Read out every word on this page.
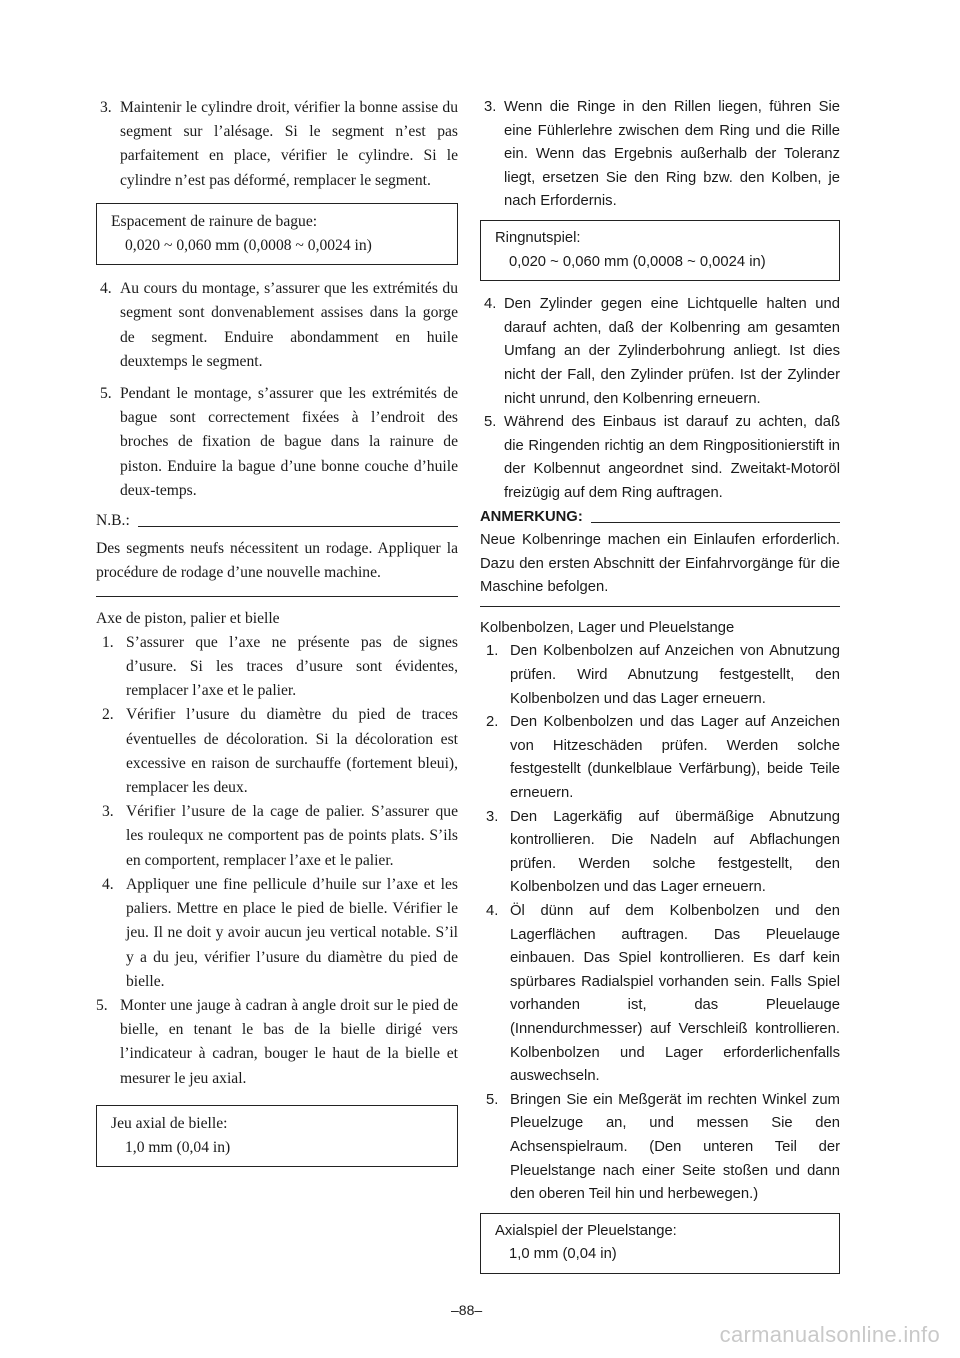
3. Maintenir le cylindre droit, vérifier la bonne assise du segment sur l’alésage. Si le segment n’est pas parfaitement en place, vérifier le cylindre. Si le cylindre n’est pas déformé, remplacer le segment.

Espacement de rainure de bague:
0,020 ~ 0,060 mm (0,0008 ~ 0,0024 in)

4. Au cours du montage, s’assurer que les extrémités du segment sont donvenablement assises dans la gorge de segment. Enduire abondamment en huile deuxtemps le segment.

5. Pendant le montage, s’assurer que les extrémités de bague sont correctement fixées à l’endroit des broches de fixation de bague dans la rainure de piston. Enduire la bague d’une bonne couche d’huile deux-temps.

N.B.:

Des segments neufs nécessitent un rodage. Appliquer la procédure de rodage d’une nouvelle machine.

Axe de piston, palier et bielle

1. S’assurer que l’axe ne présente pas de signes d’usure. Si les traces d’usure sont évidentes, remplacer l’axe et le palier.

2. Vérifier l’usure du diamètre du pied de traces éventuelles de décoloration. Si la décoloration est excessive en raison de surchauffe (fortement bleui), remplacer les deux.

3. Vérifier l’usure de la cage de palier. S’assurer que les roulequx ne comportent pas de points plats. S’ils en comportent, remplacer l’axe et le palier.

4. Appliquer une fine pellicule d’huile sur l’axe et les paliers. Mettre en place le pied de bielle. Vérifier le jeu. Il ne doit y avoir aucun jeu vertical notable. S’il y a du jeu, vérifier l’usure du diamètre du pied de bielle.

5. Monter une jauge à cadran à angle droit sur le pied de bielle, en tenant le bas de la bielle dirigé vers l’indicateur à cadran, bouger le haut de la bielle et mesurer le jeu axial.

Jeu axial de bielle:
1,0 mm (0,04 in)

3. Wenn die Ringe in den Rillen liegen, führen Sie eine Fühlerlehre zwischen dem Ring und die Rille ein. Wenn das Ergebnis außerhalb der Toleranz liegt, ersetzen Sie den Ring bzw. den Kolben, je nach Erfordernis.

Ringnutspiel:
0,020 ~ 0,060 mm (0,0008 ~ 0,0024 in)

4. Den Zylinder gegen eine Lichtquelle halten und darauf achten, daß der Kolbenring am gesamten Umfang an der Zylinderbohrung anliegt. Ist dies nicht der Fall, den Zylinder prüfen. Ist der Zylinder nicht unrund, den Kolbenring erneuern.

5. Während des Einbaus ist darauf zu achten, daß die Ringenden richtig an dem Ringpositionierstift in der Kolbennut angeordnet sind. Zweitakt-Motoröl freizügig auf dem Ring auftragen.

ANMERKUNG:

Neue Kolbenringe machen ein Einlaufen erforderlich. Dazu den ersten Abschnitt der Einfahrvorgänge für die Maschine befolgen.

Kolbenbolzen, Lager und Pleuelstange

1. Den Kolbenbolzen auf Anzeichen von Abnutzung prüfen. Wird Abnutzung festgestellt, den Kolbenbolzen und das Lager erneuern.

2. Den Kolbenbolzen und das Lager auf Anzeichen von Hitzeschäden prüfen. Werden solche festgestellt (dunkelblaue Verfärbung), beide Teile erneuern.

3. Den Lagerkäfig auf übermäßige Abnutzung kontrollieren. Die Nadeln auf Abflachungen prüfen. Werden solche festgestellt, den Kolbenbolzen und das Lager erneuern.

4. Öl dünn auf dem Kolbenbolzen und den Lagerflächen auftragen. Das Pleuelauge einbauen. Das Spiel kontrollieren. Es darf kein spürbares Radialspiel vorhanden sein. Falls Spiel vorhanden ist, das Pleuelauge (Innendurchmesser) auf Verschleiß kontrollieren. Kolbenbolzen und Lager erforderlichenfalls auswechseln.

5. Bringen Sie ein Meßgerät im rechten Winkel zum Pleuelzuge an, und messen Sie den Achsenspielraum. (Den unteren Teil der Pleuelstange nach einer Seite stoßen und dann den oberen Teil hin und herbewegen.)

Axialspiel der Pleuelstange:
1,0 mm (0,04 in)
–88–
carmanualsonline.info
